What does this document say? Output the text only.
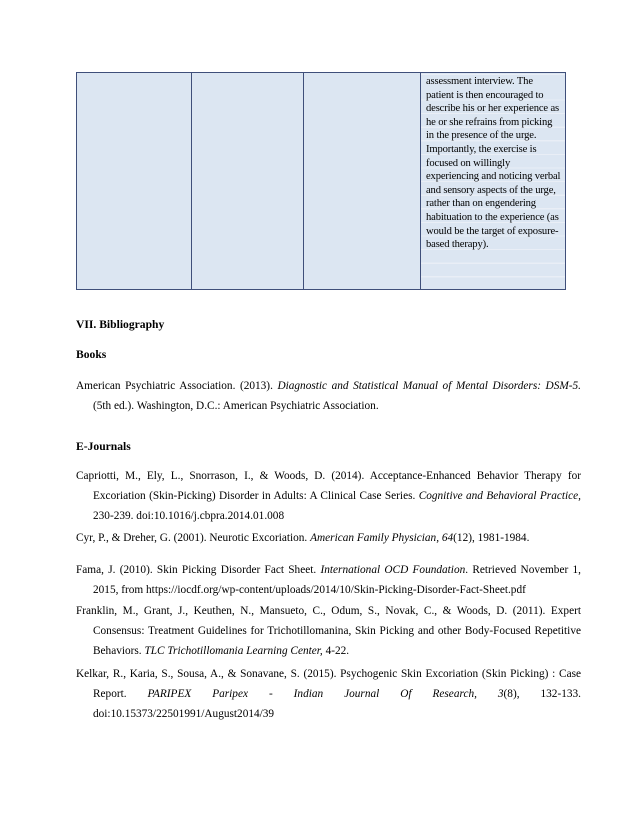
assessment interview. The patient is then encouraged to describe his or her experience as he or she refrains from picking in the presence of the urge. Importantly, the exercise is focused on willingly experiencing and noticing verbal and sensory aspects of the urge, rather than on engendering habituation to the experience (as would be the target of exposure-based therapy).
VII. Bibliography
Books
American Psychiatric Association. (2013). Diagnostic and Statistical Manual of Mental Disorders: DSM-5. (5th ed.). Washington, D.C.: American Psychiatric Association.
E-Journals
Capriotti, M., Ely, L., Snorrason, I., & Woods, D. (2014). Acceptance-Enhanced Behavior Therapy for Excoriation (Skin-Picking) Disorder in Adults: A Clinical Case Series. Cognitive and Behavioral Practice, 230-239. doi:10.1016/j.cbpra.2014.01.008
Cyr, P., & Dreher, G. (2001). Neurotic Excoriation. American Family Physician, 64(12), 1981-1984.
Fama, J. (2010). Skin Picking Disorder Fact Sheet. International OCD Foundation. Retrieved November 1, 2015, from https://iocdf.org/wp-content/uploads/2014/10/Skin-Picking-Disorder-Fact-Sheet.pdf
Franklin, M., Grant, J., Keuthen, N., Mansueto, C., Odum, S., Novak, C., & Woods, D. (2011). Expert Consensus: Treatment Guidelines for Trichotillomanina, Skin Picking and other Body-Focused Repetitive Behaviors. TLC Trichotillomania Learning Center, 4-22.
Kelkar, R., Karia, S., Sousa, A., & Sonavane, S. (2015). Psychogenic Skin Excoriation (Skin Picking) : Case Report. PARIPEX Paripex - Indian Journal Of Research, 3(8), 132-133. doi:10.15373/22501991/August2014/39
